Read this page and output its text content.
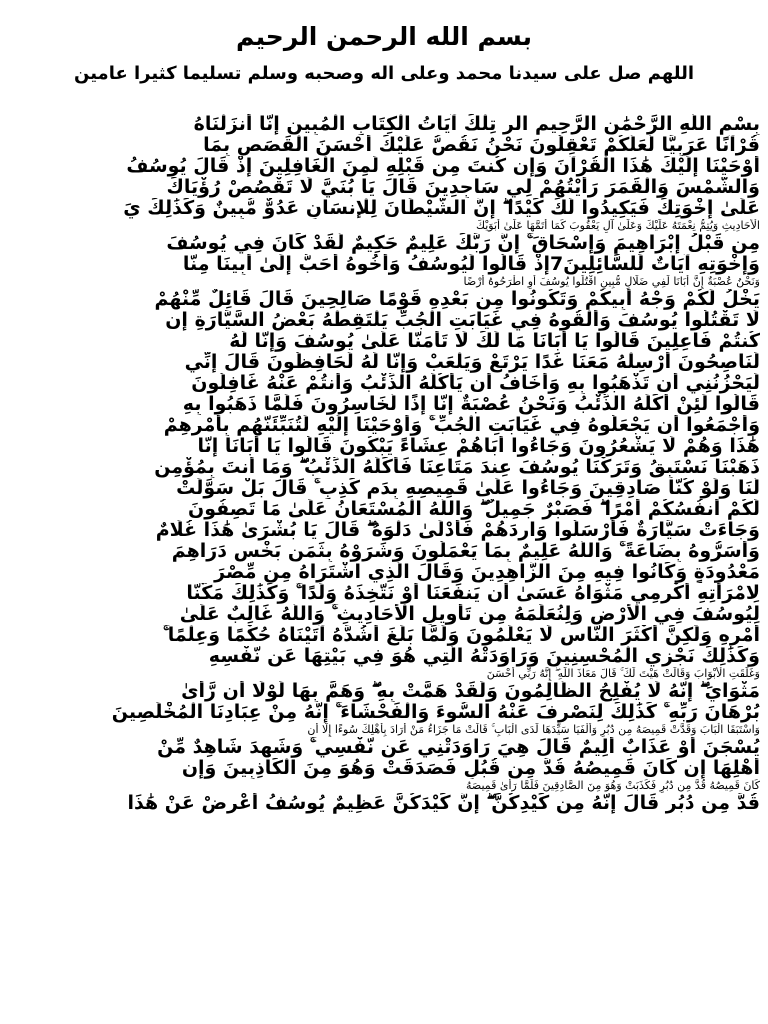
بسم الله الرحمن الرحيم
اللهم صل على سيدنا محمد وعلى اله وصحبه وسلم تسليما كثيرا عامين
بِسْمِ اللَّهِ الرَّحْمَٰنِ الرَّحِيمِ الر تِلْكَ آيَاتُ الْكِتَابِ الْمُبِينِ إِنَّا أَنزَلْنَاهُ
قُرْآنًا عَرَبِيًّا لَّعَلَّكُمْ تَعْقِلُونَ نَحْنُ نَقُصُّ عَلَيْكَ أَحْسَنَ الْقَصَصِ بِمَا
أَوْحَيْنَا إِلَيْكَ هَٰذَا الْقُرْآنَ وَإِن كُنتَ مِن قَبْلِهِ لَمِنَ الْغَافِلِينَ إِذْ قَالَ يُوسُفُ
وَالشَّمْسَ وَالْقَمَرَ رَأَيْتُهُمْ لِي سَاجِدِينَ قَالَ يَا بُنَيَّ لَا تَقْصُصْ رُؤْيَاكَ
عَلَىٰ إِخْوَتِكَ فَيَكِيدُوا لَكَ كَيْدًا ۖ إِنَّ الشَّيْطَانَ لِلْإِنسَانِ عَدُوٌّ مُّبِينٌ وَكَذَٰلِكَ يَ
الْأَحَادِيثِ وَيُتِمُّ نِعْمَتَهُ عَلَيْكَ وَعَلَىٰ آلِ يَعْقُوبَ كَمَا أَتَمَّهَا عَلَىٰ أَبَوَيْكَ
مِن قَبْلُ إِبْرَاهِيمَ وَإِسْحَاقَ ۚ إِنَّ رَبَّكَ عَلِيمٌ حَكِيمٌ لَّقَدْ كَانَ فِي يُوسُفَ
وَإِخْوَتِهِ آيَاتٌ لِّلسَّائِلِينَ7إِذْ قَالُوا لَيُوسُفُ وَأَخُوهُ أَحَبُّ إِلَىٰ أَبِينَا مِنَّا
وَنَحْنُ عُصْبَةٌ إِنَّ أَبَانَا لَفِي ضَلَالٍ مُّبِينٍ اقْتُلُوا يُوسُفَ أَوِ اطْرَحُوهُ أَرْضًا
يَخْلُ لَكُمْ وَجْهُ أَبِيكُمْ وَتَكُونُوا مِن بَعْدِهِ قَوْمًا صَالِحِينَ قَالَ قَائِلٌ مِّنْهُمْ
لَا تَقْتُلُوا يُوسُفَ وَأَلْقُوهُ فِي غَيَابَتِ الْجُبِّ يَلْتَقِطْهُ بَعْضُ السَّيَّارَةِ إِن
كُنتُمْ فَاعِلِينَ قَالُوا يَا أَبَانَا مَا لَكَ لَا تَأْمَنَّا عَلَىٰ يُوسُفَ وَإِنَّا لَهُ
لَنَاصِحُونَ أَرْسِلْهُ مَعَنَا غَدًا يَرْتَعْ وَيَلْعَبْ وَإِنَّا لَهُ لَحَافِظُونَ قَالَ إِنِّي
لَيَحْزُنُنِي أَن تَذْهَبُوا بِهِ وَأَخَافُ أَن يَأْكُلَهُ الذِّئْبُ وَأَنتُمْ عَنْهُ غَافِلُونَ
قَالُوا لَئِنْ أَكَلَهُ الذِّئْبُ وَنَحْنُ عُصْبَةٌ إِنَّا إِذًا لَّخَاسِرُونَ فَلَمَّا ذَهَبُوا بِهِ
وَأَجْمَعُوا أَن يَجْعَلُوهُ فِي غَيَابَتِ الْجُبِّ ۚ وَأَوْحَيْنَا إِلَيْهِ لَتُنَبِّئَنَّهُم بِأَمْرِهِمْ
هَٰذَا وَهُمْ لَا يَشْعُرُونَ وَجَاءُوا أَبَاهُمْ عِشَاءً يَبْكُونَ قَالُوا يَا أَبَانَا إِنَّا
ذَهَبْنَا نَسْتَبِقُ وَتَرَكْنَا يُوسُفَ عِندَ مَتَاعِنَا فَأَكَلَهُ الذِّئْبُ ۖ وَمَا أَنتَ بِمُؤْمِنٍ
لَّنَا وَلَوْ كُنَّا صَادِقِينَ وَجَاءُوا عَلَىٰ قَمِيصِهِ بِدَمٍ كَذِبٍ ۚ قَالَ بَلْ سَوَّلَتْ
لَكُمْ أَنفُسُكُمْ أَمْرًا ۖ فَصَبْرٌ جَمِيلٌ ۖ وَاللَّهُ الْمُسْتَعَانُ عَلَىٰ مَا تَصِفُونَ
وَجَاءَتْ سَيَّارَةٌ فَأَرْسَلُوا وَارِدَهُمْ فَأَدْلَىٰ دَلْوَهُ ۖ قَالَ يَا بُشْرَىٰ هَٰذَا غُلَامٌ
وَأَسَرُّوهُ بِضَاعَةً ۚ وَاللَّهُ عَلِيمٌ بِمَا يَعْمَلُونَ وَشَرَوْهُ بِثَمَنٍ بَخْسٍ دَرَاهِمَ
مَعْدُودَةٍ وَكَانُوا فِيهِ مِنَ الزَّاهِدِينَ وَقَالَ الَّذِي اشْتَرَاهُ مِن مِّصْرَ
لِامْرَأَتِهِ أَكْرِمِي مَثْوَاهُ عَسَىٰ أَن يَنفَعَنَا أَوْ نَتَّخِذَهُ وَلَدًا ۚ وَكَذَٰلِكَ مَكَّنَّا
لِيُوسُفَ فِي الْأَرْضِ وَلِنُعَلِّمَهُ مِن تَأْوِيلِ الْأَحَادِيثِ ۚ وَاللَّهُ غَالِبٌ عَلَىٰ
أَمْرِهِ وَلَٰكِنَّ أَكْثَرَ النَّاسِ لَا يَعْلَمُونَ وَلَمَّا بَلَغَ أَشُدَّهُ آتَيْنَاهُ حُكْمًا وَعِلْمًا ۚ
وَكَذَٰلِكَ نَجْزِي الْمُحْسِنِينَ وَرَاوَدَتْهُ الَّتِي هُوَ فِي بَيْتِهَا عَن نَّفْسِهِ
وَغَلَّقَتِ الْأَبْوَابَ وَقَالَتْ هَيْتَ لَكَ ۚ قَالَ مَعَاذَ اللَّهِ ۖ إِنَّهُ رَبِّي أَحْسَنَ
مَثْوَايَ ۖ إِنَّهُ لَا يُفْلِحُ الظَّالِمُونَ وَلَقَدْ هَمَّتْ بِهِ ۖ وَهَمَّ بِهَا لَوْلَا أَن رَّأَىٰ
بُرْهَانَ رَبِّهِ ۚ كَذَٰلِكَ لِنَصْرِفَ عَنْهُ السُّوءَ وَالْفَحْشَاءَ ۚ إِنَّهُ مِنْ عِبَادِنَا الْمُخْلَصِينَ
وَاسْتَبَقَا الْبَابَ وَقَدَّتْ قَمِيصَهُ مِن دُبُرٍ وَأَلْفَيَا سَيِّدَهَا لَدَى الْبَابِ ۚ قَالَتْ مَا جَزَاءُ مَنْ أَرَادَ بِأَهْلِكَ سُوءًا إِلَّا أَن
يُسْجَنَ أَوْ عَذَابٌ أَلِيمٌ قَالَ هِيَ رَاوَدَتْنِي عَن نَّفْسِي ۚ وَشَهِدَ شَاهِدٌ مِّنْ
أَهْلِهَا إِن كَانَ قَمِيصُهُ قُدَّ مِن قُبُلٍ فَصَدَقَتْ وَهُوَ مِنَ الْكَاذِبِينَ وَإِن
كَانَ قَمِيصُهُ قُدَّ مِن دُبُرٍ فَكَذَبَتْ وَهُوَ مِنَ الصَّادِقِينَ فَلَمَّا رَأَىٰ قَمِيصَهُ
قُدَّ مِن دُبُرٍ قَالَ إِنَّهُ مِن كَيْدِكُنَّ ۖ إِنَّ كَيْدَكُنَّ عَظِيمٌ يُوسُفُ أَعْرِضْ عَنْ هَٰذَا
